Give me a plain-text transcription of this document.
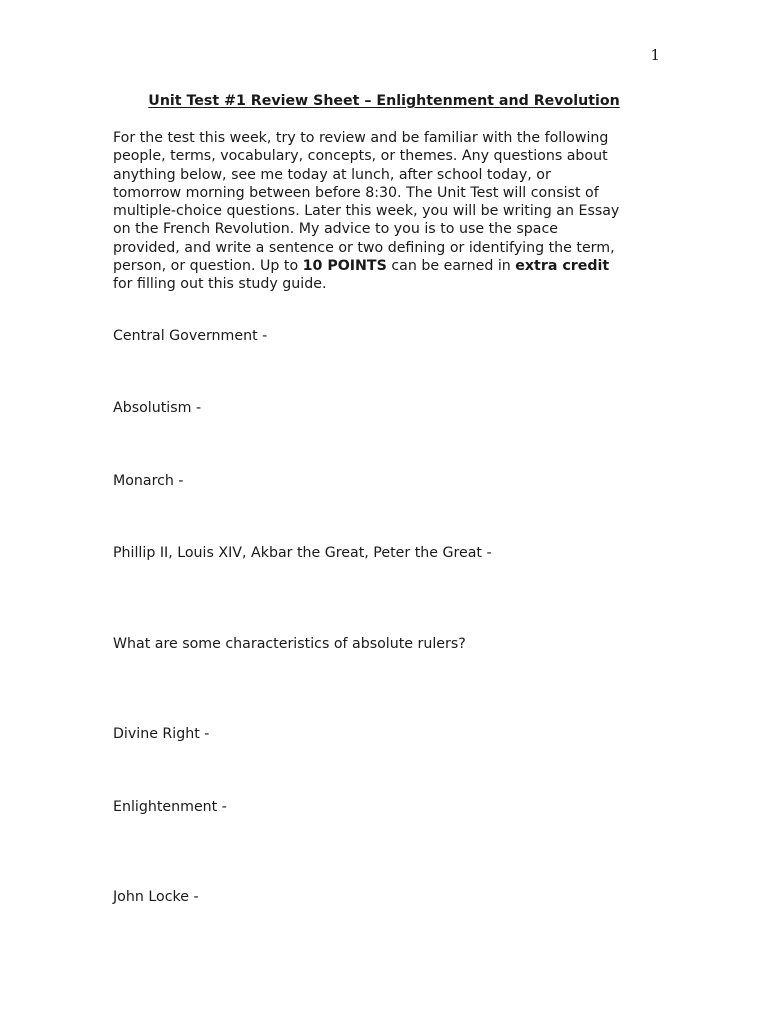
1
Unit Test #1 Review Sheet – Enlightenment and Revolution
For the test this week, try to review and be familiar with the following
people, terms, vocabulary, concepts, or themes. Any questions about
anything below, see me today at lunch, after school today, or
tomorrow morning between before 8:30. The Unit Test will consist of
multiple-choice questions. Later this week, you will be writing an Essay
on the French Revolution. My advice to you is to use the space
provided, and write a sentence or two defining or identifying the term,
person, or question. Up to 10 POINTS can be earned in extra credit
for filling out this study guide.
Central Government -
Absolutism -
Monarch -
Phillip II, Louis XIV, Akbar the Great, Peter the Great -
What are some characteristics of absolute rulers?
Divine Right -
Enlightenment -
John Locke -
